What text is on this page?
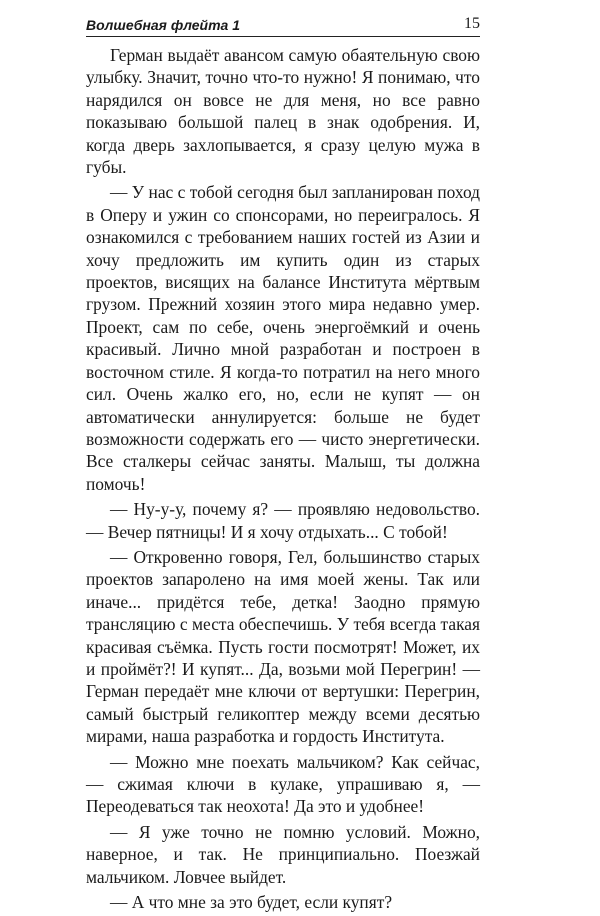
Волшебная флейта 1	15

Герман выдаёт авансом самую обаятельную свою улыбку. Значит, точно что-то нужно! Я понимаю, что нарядился он вовсе не для меня, но все равно показываю большой палец в знак одобрения. И, когда дверь захлопывается, я сразу целую мужа в губы.

— У нас с тобой сегодня был запланирован поход в Оперу и ужин со спонсорами, но переигралось. Я ознакомился с требованием наших гостей из Азии и хочу предложить им купить один из старых проектов, висящих на балансе Института мёртвым грузом. Прежний хозяин этого мира недавно умер. Проект, сам по себе, очень энергоёмкий и очень красивый. Лично мной разработан и построен в восточном стиле. Я когда-то потратил на него много сил. Очень жалко его, но, если не купят — он автоматически аннулируется: больше не будет возможности содержать его — чисто энергетически. Все сталкеры сейчас заняты. Малыш, ты должна помочь!

— Ну-у-у, почему я? — проявляю недовольство. — Вечер пятницы! И я хочу отдыхать... С тобой!

— Откровенно говоря, Гел, большинство старых проектов запаролено на имя моей жены. Так или иначе... придётся тебе, детка! Заодно прямую трансляцию с места обеспечишь. У тебя всегда такая красивая съёмка. Пусть гости посмотрят! Может, их и проймёт?! И купят... Да, возьми мой Перегрин! — Герман передаёт мне ключи от вертушки: Перегрин, самый быстрый геликоптер между всеми десятью мирами, наша разработка и гордость Института.

— Можно мне поехать мальчиком? Как сейчас, — сжимая ключи в кулаке, упрашиваю я, — Переодеваться так неохота! Да это и удобнее!

— Я уже точно не помню условий. Можно, наверное, и так. Не принципиально. Поезжай мальчиком. Ловчее выйдет.

— А что мне за это будет, если купят?
